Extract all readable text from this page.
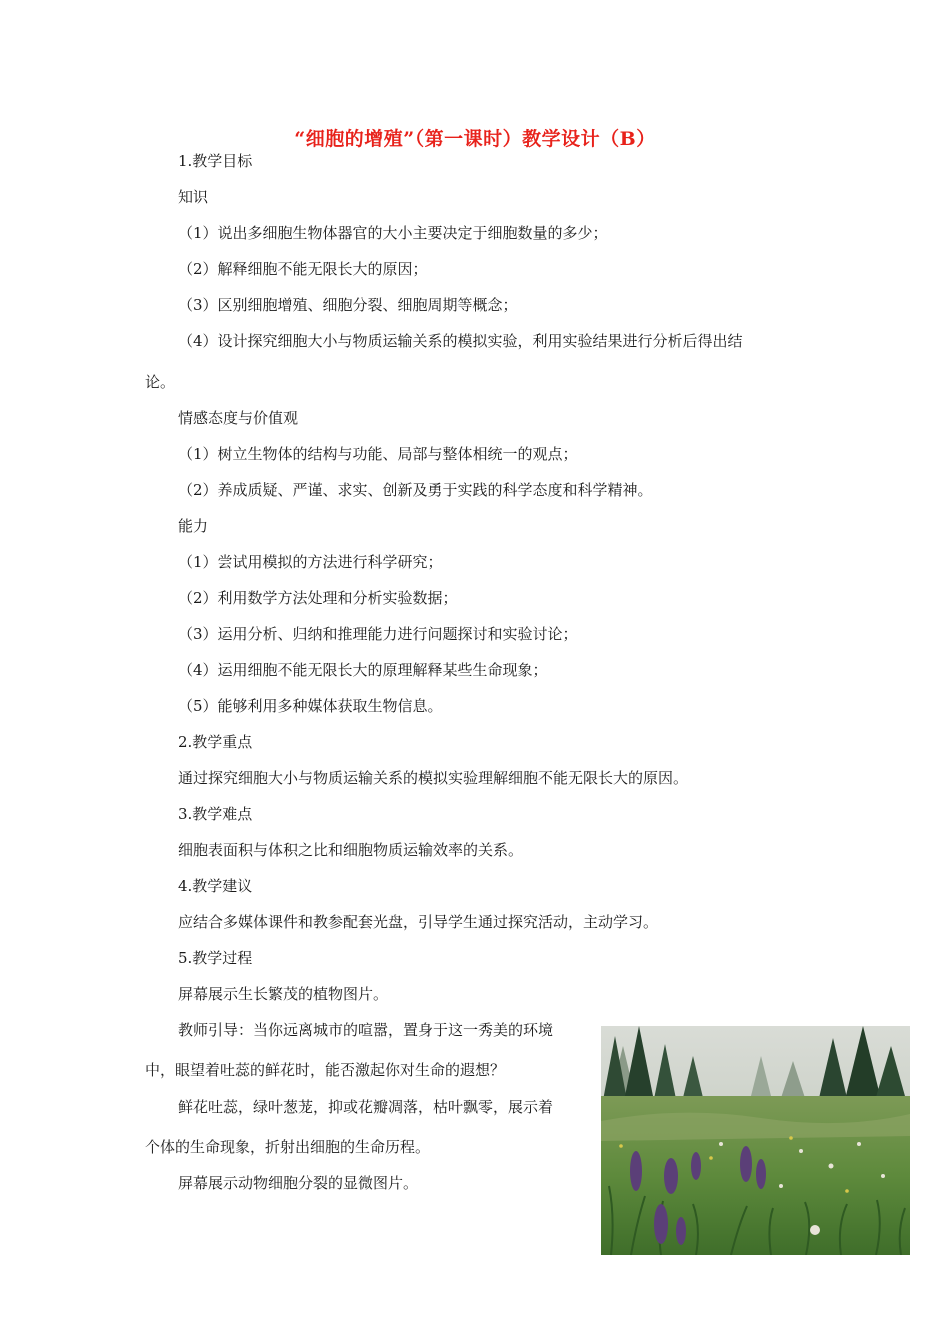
“细胞的增殖”（第一课时）教学设计（B）
1.教学目标
知识
（1）说出多细胞生物体器官的大小主要决定于细胞数量的多少；
（2）解释细胞不能无限长大的原因；
（3）区别细胞增殖、细胞分裂、细胞周期等概念；
（4）设计探究细胞大小与物质运输关系的模拟实验，利用实验结果进行分析后得出结
论。
情感态度与价值观
（1）树立生物体的结构与功能、局部与整体相统一的观点；
（2）养成质疑、严谨、求实、创新及勇于实践的科学态度和科学精神。
能力
（1）尝试用模拟的方法进行科学研究；
（2）利用数学方法处理和分析实验数据；
（3）运用分析、归纳和推理能力进行问题探讨和实验讨论；
（4）运用细胞不能无限长大的原理解释某些生命现象；
（5）能够利用多种媒体获取生物信息。
2.教学重点
通过探究细胞大小与物质运输关系的模拟实验理解细胞不能无限长大的原因。
3.教学难点
细胞表面积与体积之比和细胞物质运输效率的关系。
4.教学建议
应结合多媒体课件和教参配套光盘，引导学生通过探究活动，主动学习。
5.教学过程
屏幕展示生长繁茂的植物图片。
教师引导：当你远离城市的喧嚣，置身于这一秀美的环境
中，眼望着吐蕊的鲜花时，能否激起你对生命的遐想？
鲜花吐蕊，绿叶葱茏，抑或花瓣凋落，枯叶飘零，展示着
个体的生命现象，折射出细胞的生命历程。
屏幕展示动物细胞分裂的显微图片。
